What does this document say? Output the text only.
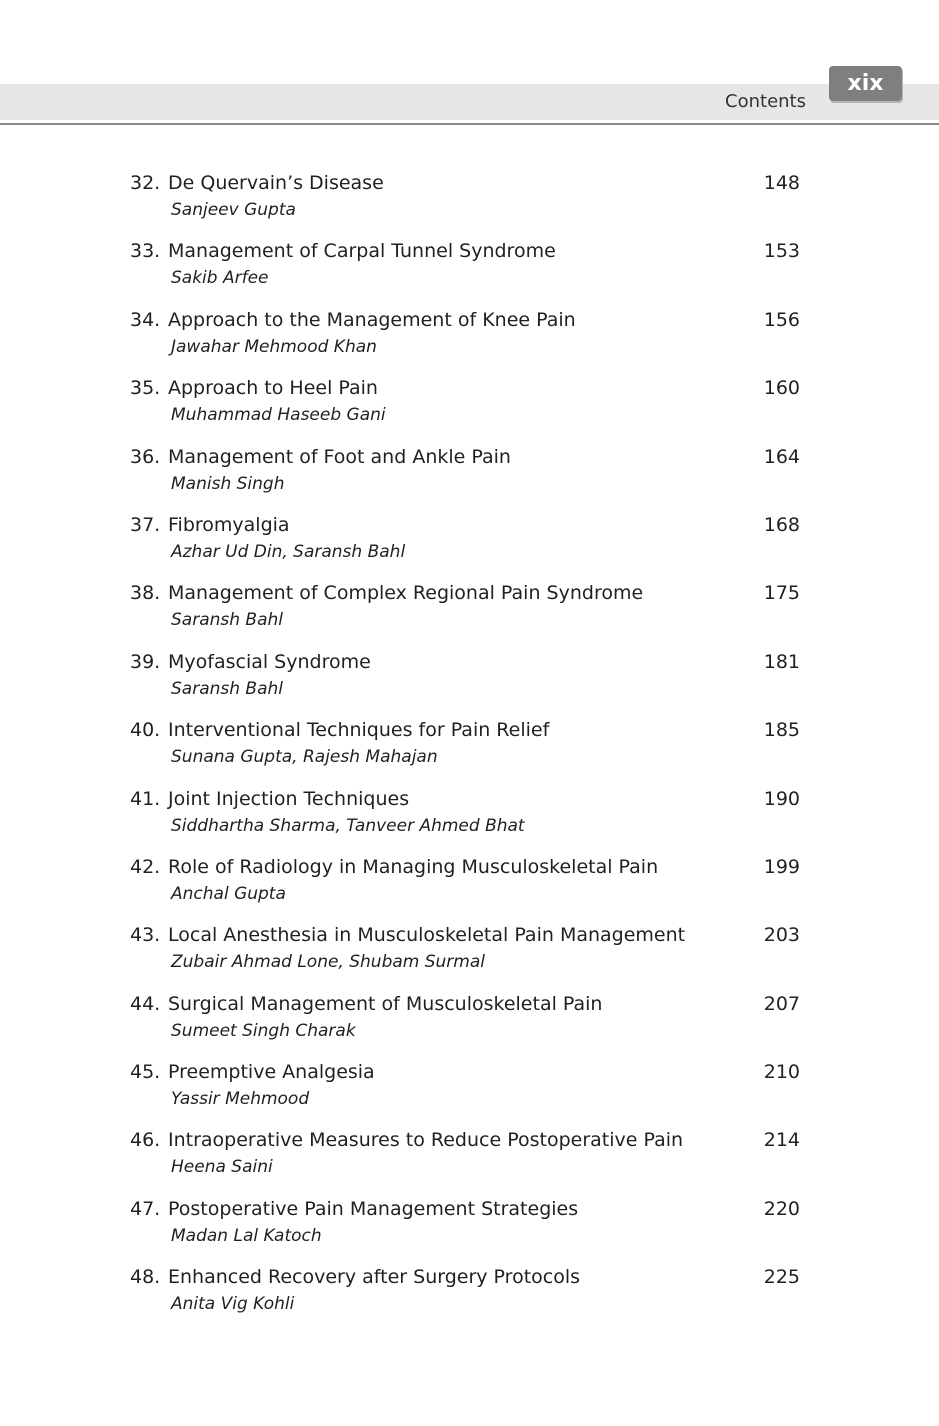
Contents
xix
32. De Quervain’s Disease	148
Sanjeev Gupta
33. Management of Carpal Tunnel Syndrome	153
Sakib Arfee
34. Approach to the Management of Knee Pain	156
Jawahar Mehmood Khan
35. Approach to Heel Pain	160
Muhammad Haseeb Gani
36. Management of Foot and Ankle Pain	164
Manish Singh
37. Fibromyalgia	168
Azhar Ud Din, Saransh Bahl
38. Management of Complex Regional Pain Syndrome	175
Saransh Bahl
39. Myofascial Syndrome	181
Saransh Bahl
40. Interventional Techniques for Pain Relief	185
Sunana Gupta, Rajesh Mahajan
41. Joint Injection Techniques	190
Siddhartha Sharma, Tanveer Ahmed Bhat
42. Role of Radiology in Managing Musculoskeletal Pain	199
Anchal Gupta
43. Local Anesthesia in Musculoskeletal Pain Management	203
Zubair Ahmad Lone, Shubam Surmal
44. Surgical Management of Musculoskeletal Pain	207
Sumeet Singh Charak
45. Preemptive Analgesia	210
Yassir Mehmood
46. Intraoperative Measures to Reduce Postoperative Pain	214
Heena Saini
47. Postoperative Pain Management Strategies	220
Madan Lal Katoch
48. Enhanced Recovery after Surgery Protocols	225
Anita Vig Kohli
